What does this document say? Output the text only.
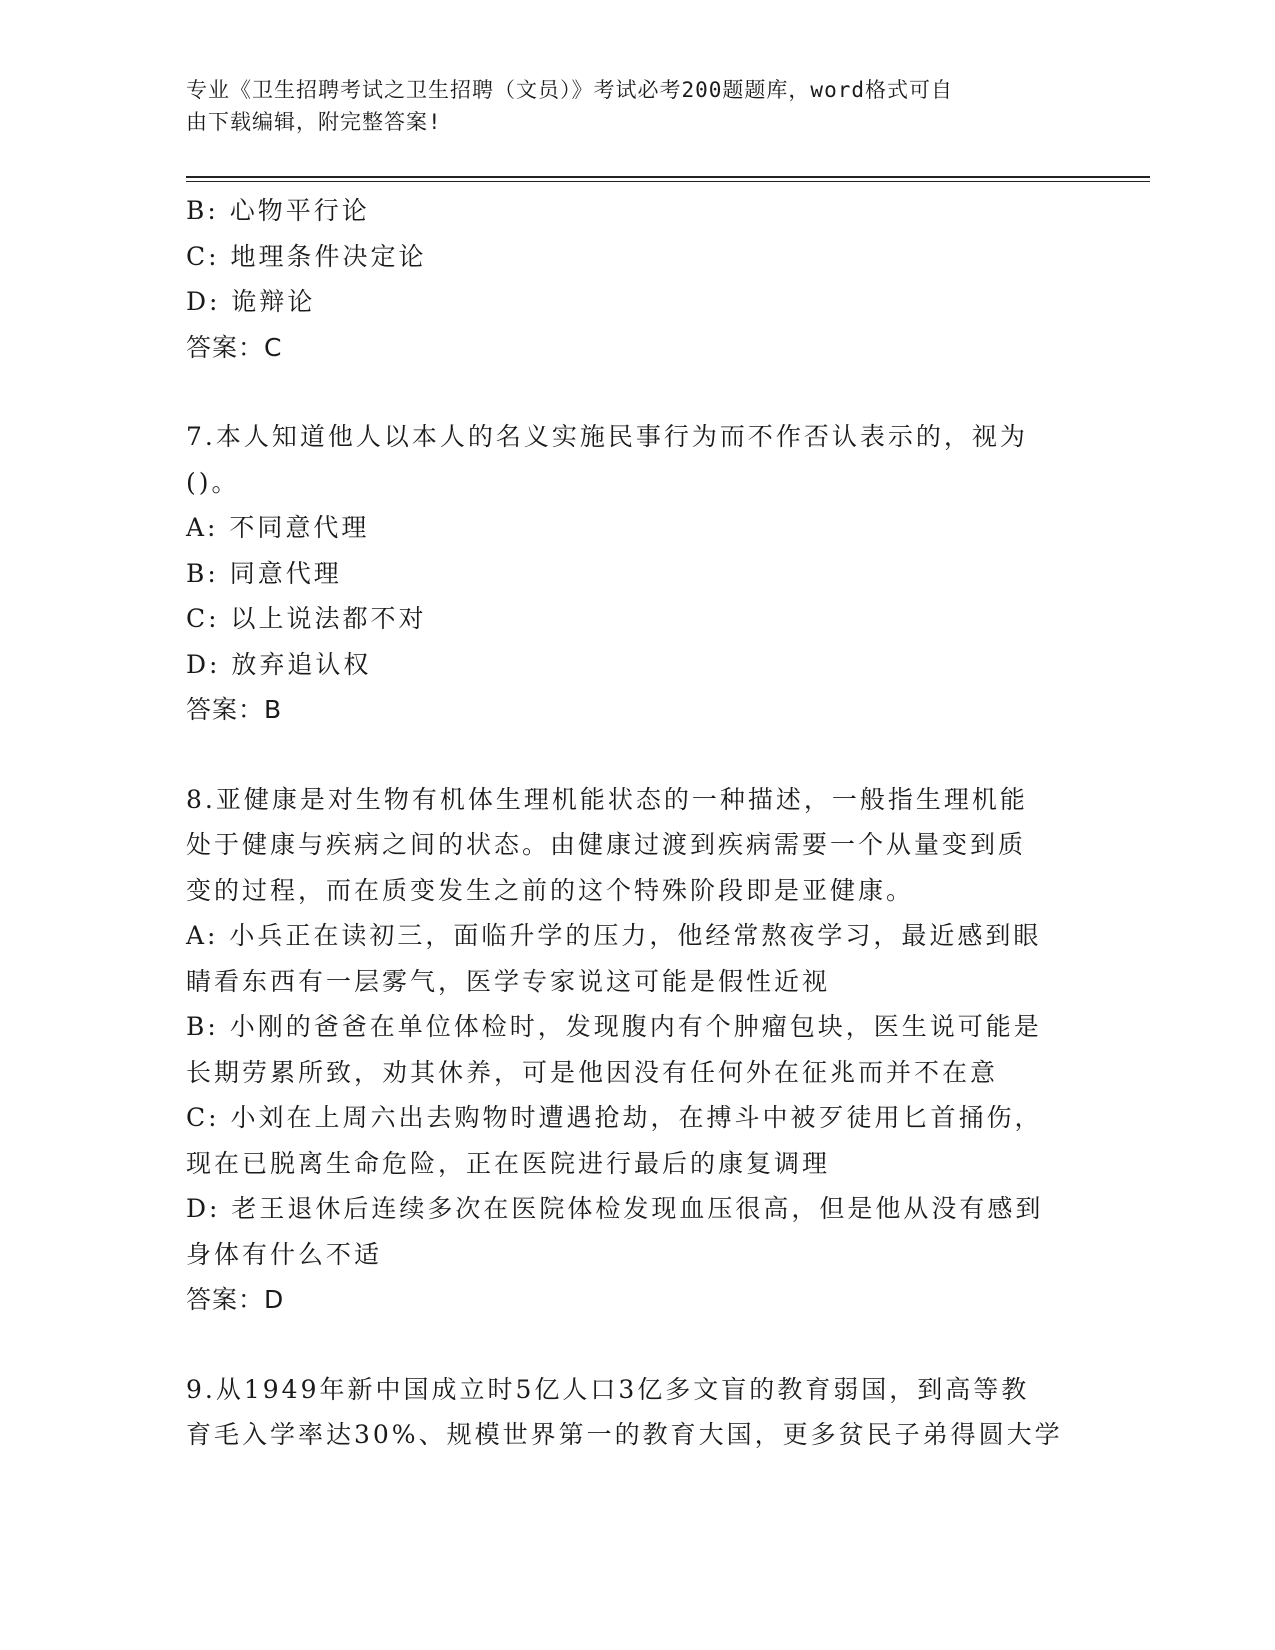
专业《卫生招聘考试之卫生招聘（文员）》考试必考200题题库，word格式可自
由下载编辑，附完整答案!
B: 心物平行论
C: 地理条件决定论
D: 诡辩论
答案：C
7.本人知道他人以本人的名义实施民事行为而不作否认表示的，视为
()。
A: 不同意代理
B: 同意代理
C: 以上说法都不对
D: 放弃追认权
答案：B
8.亚健康是对生物有机体生理机能状态的一种描述，一般指生理机能
处于健康与疾病之间的状态。由健康过渡到疾病需要一个从量变到质
变的过程，而在质变发生之前的这个特殊阶段即是亚健康。
A: 小兵正在读初三，面临升学的压力，他经常熬夜学习，最近感到眼
睛看东西有一层雾气，医学专家说这可能是假性近视
B: 小刚的爸爸在单位体检时，发现腹内有个肿瘤包块，医生说可能是
长期劳累所致，劝其休养，可是他因没有任何外在征兆而并不在意
C: 小刘在上周六出去购物时遭遇抢劫，在搏斗中被歹徒用匕首捅伤，
现在已脱离生命危险，正在医院进行最后的康复调理
D: 老王退休后连续多次在医院体检发现血压很高，但是他从没有感到
身体有什么不适
答案：D
9.从1949年新中国成立时5亿人口3亿多文盲的教育弱国，到高等教
育毛入学率达30%、规模世界第一的教育大国，更多贫民子弟得圆大学
